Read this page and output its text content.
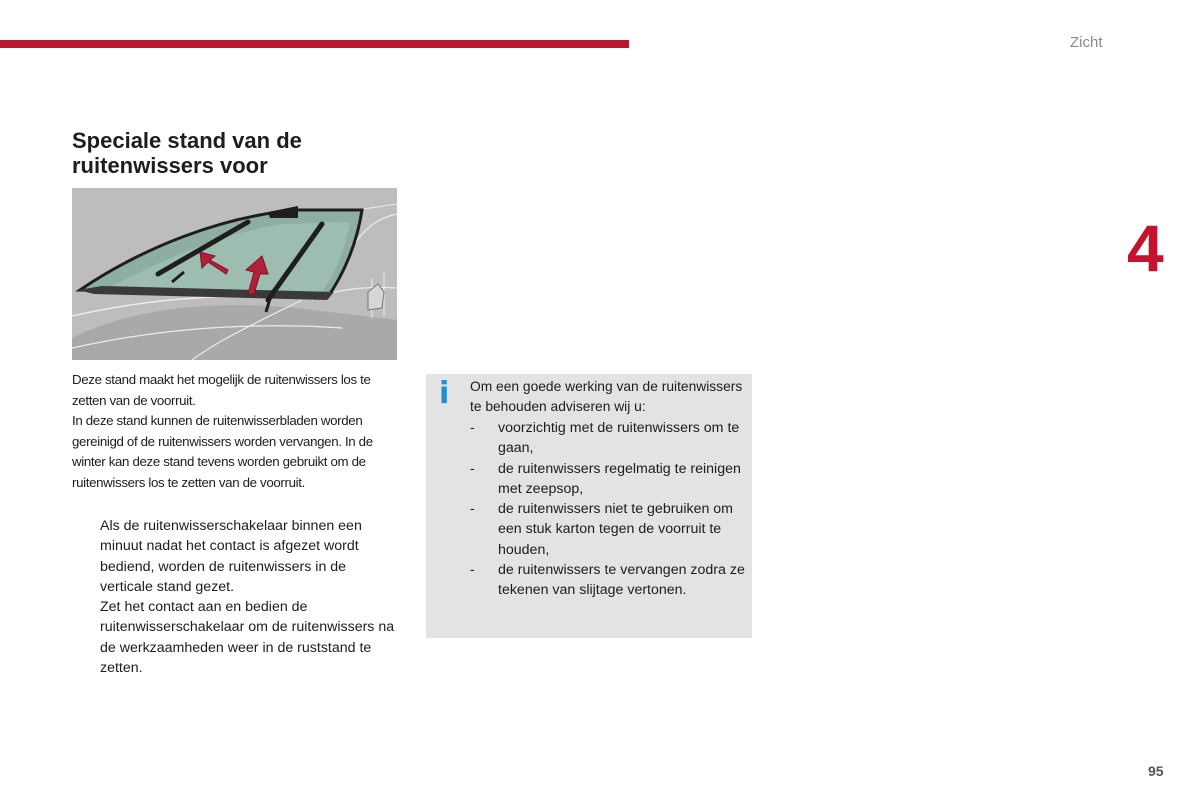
Zicht
4
Speciale stand van de ruitenwissers voor

Deze stand maakt het mogelijk de ruitenwissers los te zetten van de voorruit.

In deze stand kunnen de ruitenwisserbladen worden gereinigd of de ruitenwissers worden vervangen. In de winter kan deze stand tevens worden gebruikt om de ruitenwissers los te zetten van de voorruit.

Als de ruitenwisserschakelaar binnen een minuut nadat het contact is afgezet wordt bediend, worden de ruitenwissers in de verticale stand gezet.
Zet het contact aan en bedien de ruitenwisserschakelaar om de ruitenwissers na de werkzaamheden weer in de ruststand te zetten.
i Om een goede werking van de ruitenwissers te behouden adviseren wij u:

- voorzichtig met de ruitenwissers om te gaan,
- de ruitenwissers regelmatig te reinigen met zeepsop,
- de ruitenwissers niet te gebruiken om een stuk karton tegen de voorruit te houden,
- de ruitenwissers te vervangen zodra ze tekenen van slijtage vertonen.
95
